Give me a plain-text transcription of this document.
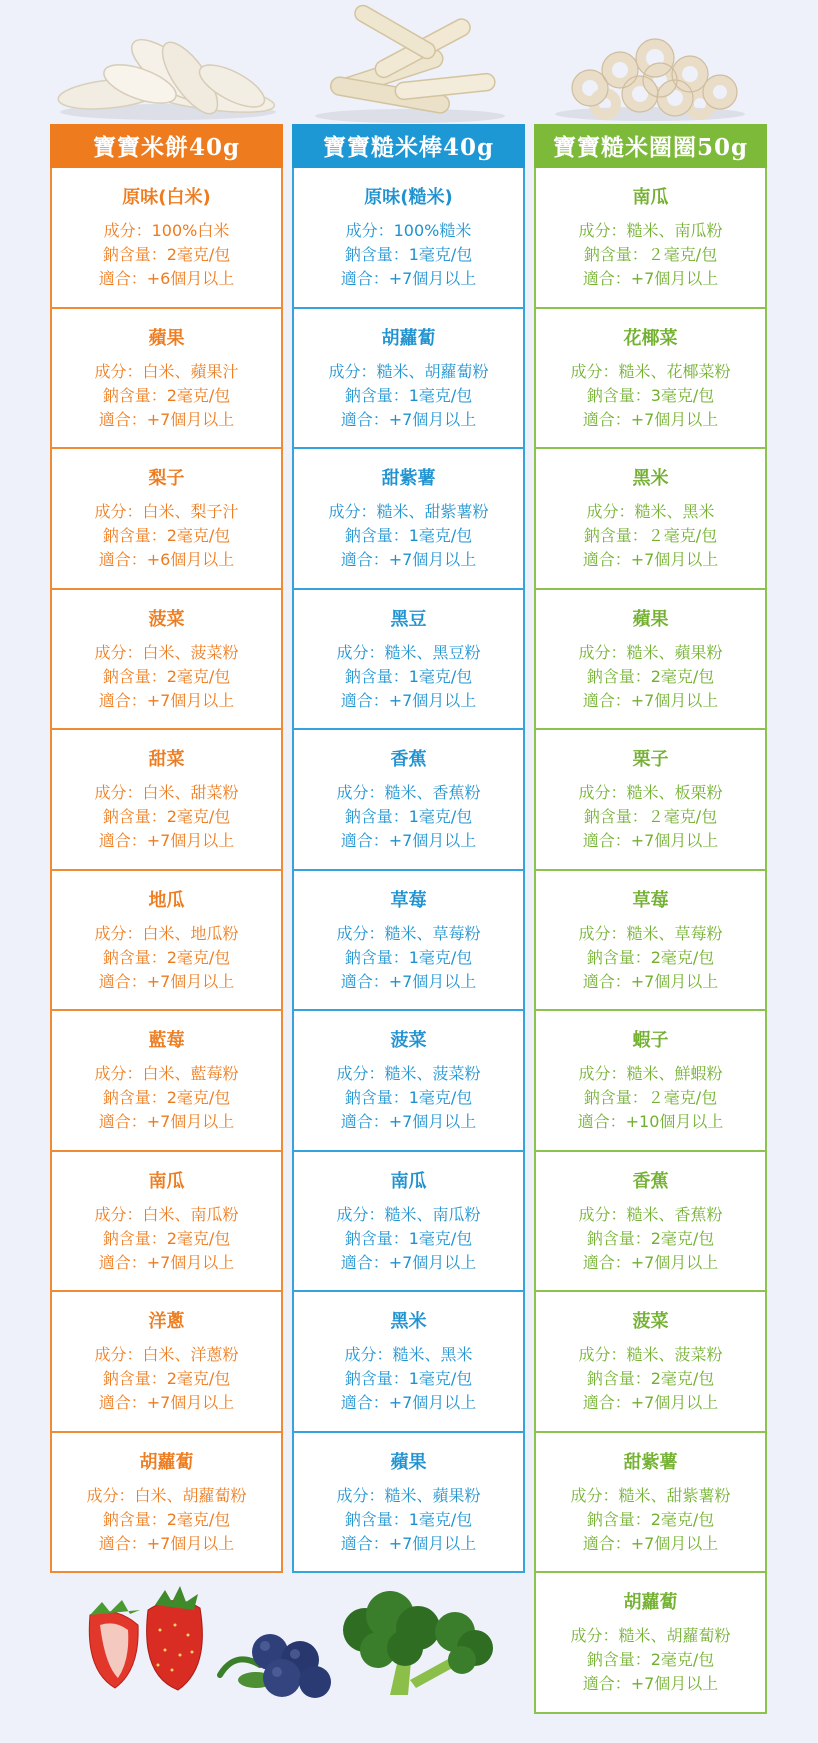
寶寶米餅40g
原味(白米)
成分：100%白米
鈉含量：2毫克/包
適合：+6個月以上
蘋果
成分：白米、蘋果汁
鈉含量：2毫克/包
適合：+7個月以上
梨子
成分：白米、梨子汁
鈉含量：2毫克/包
適合：+6個月以上
菠菜
成分：白米、菠菜粉
鈉含量：2毫克/包
適合：+7個月以上
甜菜
成分：白米、甜菜粉
鈉含量：2毫克/包
適合：+7個月以上
地瓜
成分：白米、地瓜粉
鈉含量：2毫克/包
適合：+7個月以上
藍莓
成分：白米、藍莓粉
鈉含量：2毫克/包
適合：+7個月以上
南瓜
成分：白米、南瓜粉
鈉含量：2毫克/包
適合：+7個月以上
洋蔥
成分：白米、洋蔥粉
鈉含量：2毫克/包
適合：+7個月以上
胡蘿蔔
成分：白米、胡蘿蔔粉
鈉含量：2毫克/包
適合：+7個月以上
寶寶糙米棒40g
原味(糙米)
成分：100%糙米
鈉含量：1毫克/包
適合：+7個月以上
胡蘿蔔
成分：糙米、胡蘿蔔粉
鈉含量：1毫克/包
適合：+7個月以上
甜紫薯
成分：糙米、甜紫薯粉
鈉含量：1毫克/包
適合：+7個月以上
黑豆
成分：糙米、黑豆粉
鈉含量：1毫克/包
適合：+7個月以上
香蕉
成分：糙米、香蕉粉
鈉含量：1毫克/包
適合：+7個月以上
草莓
成分：糙米、草莓粉
鈉含量：1毫克/包
適合：+7個月以上
菠菜
成分：糙米、菠菜粉
鈉含量：1毫克/包
適合：+7個月以上
南瓜
成分：糙米、南瓜粉
鈉含量：1毫克/包
適合：+7個月以上
黑米
成分：糙米、黑米
鈉含量：1毫克/包
適合：+7個月以上
蘋果
成分：糙米、蘋果粉
鈉含量：1毫克/包
適合：+7個月以上
寶寶糙米圈圈50g
南瓜
成分：糙米、南瓜粉
鈉含量：２毫克/包
適合：+7個月以上
花椰菜
成分：糙米、花椰菜粉
鈉含量：3毫克/包
適合：+7個月以上
黑米
成分：糙米、黑米
鈉含量：２毫克/包
適合：+7個月以上
蘋果
成分：糙米、蘋果粉
鈉含量：2毫克/包
適合：+7個月以上
栗子
成分：糙米、板栗粉
鈉含量：２毫克/包
適合：+7個月以上
草莓
成分：糙米、草莓粉
鈉含量：2毫克/包
適合：+7個月以上
蝦子
成分：糙米、鮮蝦粉
鈉含量：２毫克/包
適合：+10個月以上
香蕉
成分：糙米、香蕉粉
鈉含量：2毫克/包
適合：+7個月以上
菠菜
成分：糙米、菠菜粉
鈉含量：2毫克/包
適合：+7個月以上
甜紫薯
成分：糙米、甜紫薯粉
鈉含量：2毫克/包
適合：+7個月以上
胡蘿蔔
成分：糙米、胡蘿蔔粉
鈉含量：2毫克/包
適合：+7個月以上
